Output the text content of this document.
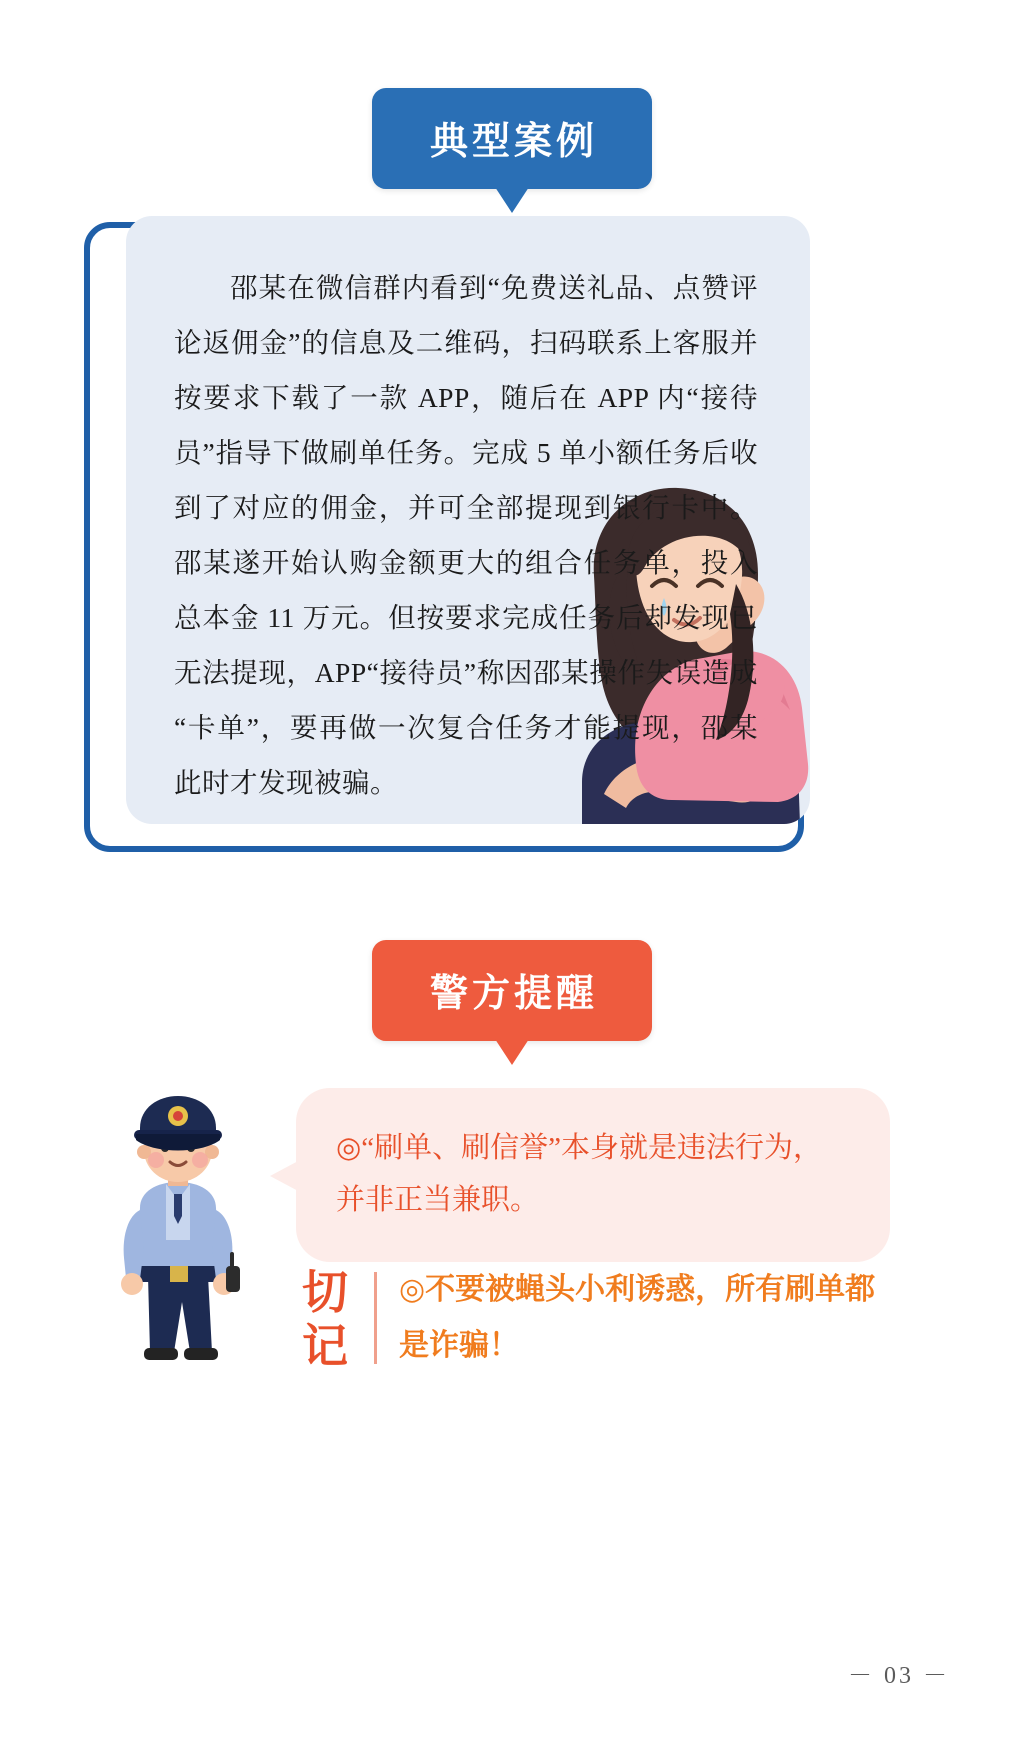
典型案例
邵某在微信群内看到“免费送礼品、点赞评论返佣金”的信息及二维码，扫码联系上客服并按要求下载了一款 APP，随后在 APP 内“接待员”指导下做刷单任务。完成 5 单小额任务后收到了对应的佣金，并可全部提现到银行卡中。邵某遂开始认购金额更大的组合任务单，投入总本金 11 万元。但按要求完成任务后却发现已无法提现，APP“接待员”称因邵某操作失误造成“卡单”，要再做一次复合任务才能提现，邵某此时才发现被骗。
警方提醒
◎“刷单、刷信誉”本身就是违法行为，并非正当兼职。
切记
◎不要被蝇头小利诱惑，所有刷单都是诈骗！
－ 03 －
